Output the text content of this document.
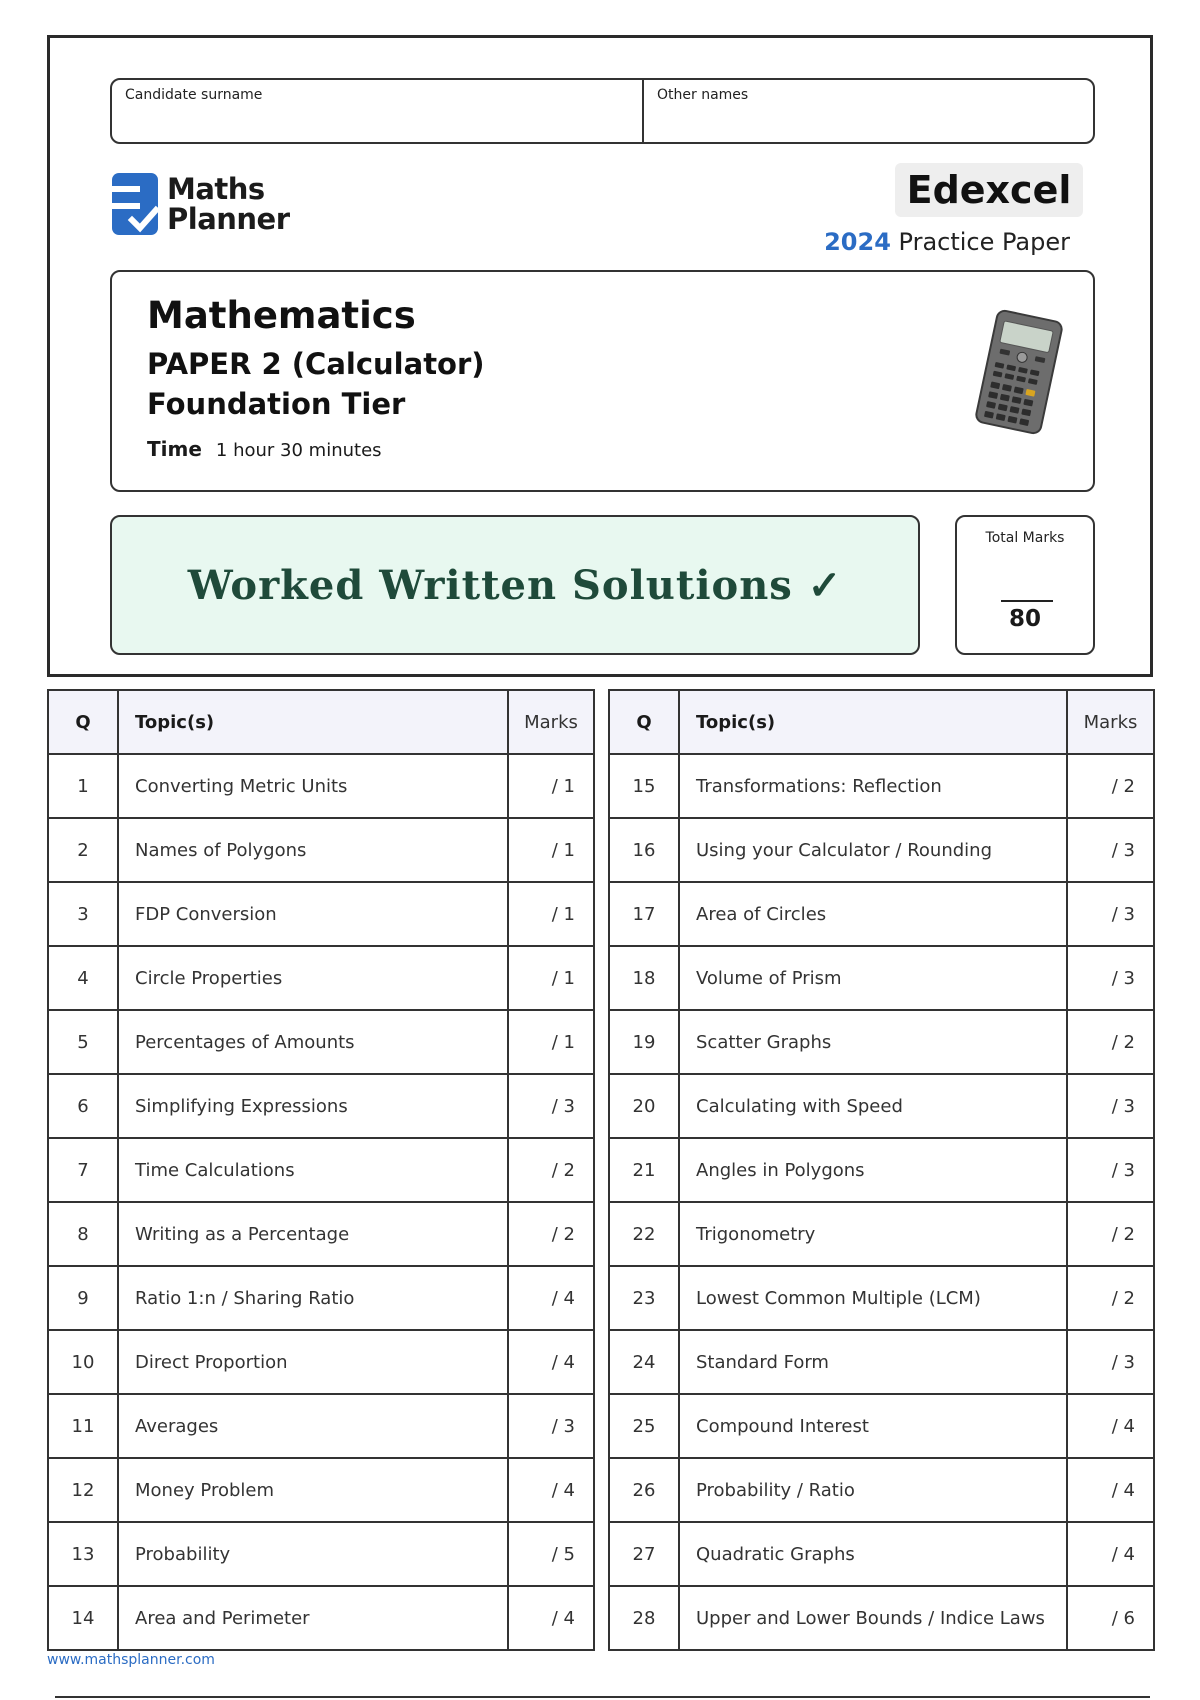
Candidate surname	Other names
Maths
Planner
Edexcel
2024 Practice Paper
Mathematics
PAPER 2 (Calculator)
Foundation Tier
Time 1 hour 30 minutes
Worked Written Solutions ✓
Total Marks
80
Q	Topic(s)	Marks
1	Converting Metric Units	/ 1
2	Names of Polygons	/ 1
3	FDP Conversion	/ 1
4	Circle Properties	/ 1
5	Percentages of Amounts	/ 1
6	Simplifying Expressions	/ 3
7	Time Calculations	/ 2
8	Writing as a Percentage	/ 2
9	Ratio 1:n / Sharing Ratio	/ 4
10	Direct Proportion	/ 4
11	Averages	/ 3
12	Money Problem	/ 4
13	Probability	/ 5
14	Area and Perimeter	/ 4
Q	Topic(s)	Marks
15	Transformations: Reflection	/ 2
16	Using your Calculator / Rounding	/ 3
17	Area of Circles	/ 3
18	Volume of Prism	/ 3
19	Scatter Graphs	/ 2
20	Calculating with Speed	/ 3
21	Angles in Polygons	/ 3
22	Trigonometry	/ 2
23	Lowest Common Multiple (LCM)	/ 2
24	Standard Form	/ 3
25	Compound Interest	/ 4
26	Probability / Ratio	/ 4
27	Quadratic Graphs	/ 4
28	Upper and Lower Bounds / Indice Laws	/ 6
www.mathsplanner.com
